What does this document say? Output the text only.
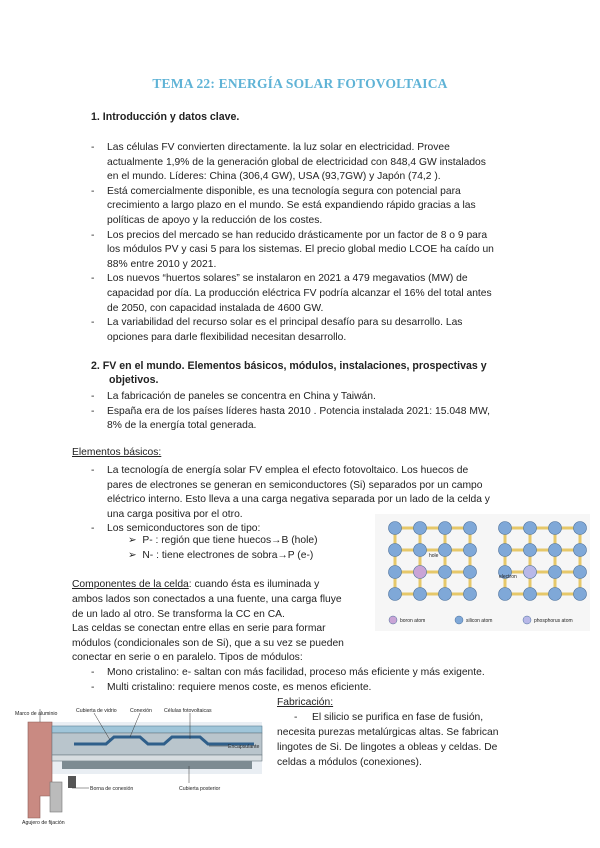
TEMA 22: ENERGÍA SOLAR FOTOVOLTAICA
1. Introducción y datos clave.
- Las células FV convierten directamente. la luz solar en electricidad. Provee
actualmente 1,9% de la generación global de electricidad con 848,4 GW instalados
en el mundo. Líderes: China (306,4 GW), USA (93,7GW) y Japón (74,2 ).
- Está comercialmente disponible, es una tecnología segura con potencial para
crecimiento a largo plazo en el mundo. Se está expandiendo rápido gracias a las
políticas de apoyo y la reducción de los costes.
- Los precios del mercado se han reducido drásticamente por un factor de 8 o 9 para
los módulos PV y casi 5 para los sistemas. El precio global medio LCOE ha caído un
88% entre 2010 y 2021.
- Los nuevos “huertos solares” se instalaron en 2021 a 479 megavatios (MW) de
capacidad por día. La producción eléctrica FV podría alcanzar el 16% del total antes
de 2050, con capacidad instalada de 4600 GW.
- La variabilidad del recurso solar es el principal desafío para su desarrollo. Las
opciones para darle flexibilidad necesitan desarrollo.
2. FV en el mundo. Elementos básicos, módulos, instalaciones, prospectivas y
objetivos.
- La fabricación de paneles se concentra en China y Taiwán.
- España era de los países líderes hasta 2010 . Potencia instalada 2021: 15.048 MW,
8% de la energía total generada.
Elementos básicos:
- La tecnología de energía solar FV emplea el efecto fotovoltaico. Los huecos de
pares de electrones se generan en semiconductores (Si) separados por un campo
eléctrico interno. Esto lleva a una carga negativa separada por un lado de la celda y
una carga positiva por el otro.
- Los semiconductores son de tipo:
➢ P- : región que tiene huecos→B (hole)
➢ N- : tiene electrones de sobra→P (e-)	hole
electron
boron atom	silicon atom	phosphorus atom
Componentes de la celda: cuando ésta es iluminada y
ambos lados son conectados a una fuente, una carga fluye
de un lado al otro. Se transforma la CC en CA.
Las celdas se conectan entre ellas en serie para formar
módulos (condicionales son de Si), que a su vez se pueden
conectar en serie o en paralelo. Tipos de módulos:
- Mono cristalino: e- saltan con más facilidad, proceso más eficiente y más exigente.
- Multi cristalino: requiere menos coste, es menos eficiente.
Fabricación:
- El silicio se purifica en fase de fusión,
necesita purezas metalúrgicas altas. Se fabrican
lingotes de Si. De lingotes a obleas y celdas. De
celdas a módulos (conexiones).
Marco de aluminio	Cubierta de vidrio	Conexión Células fotovoltaicas
Encapsulante
Borna de conexión	Cubierta posterior
Agujero de fijación
